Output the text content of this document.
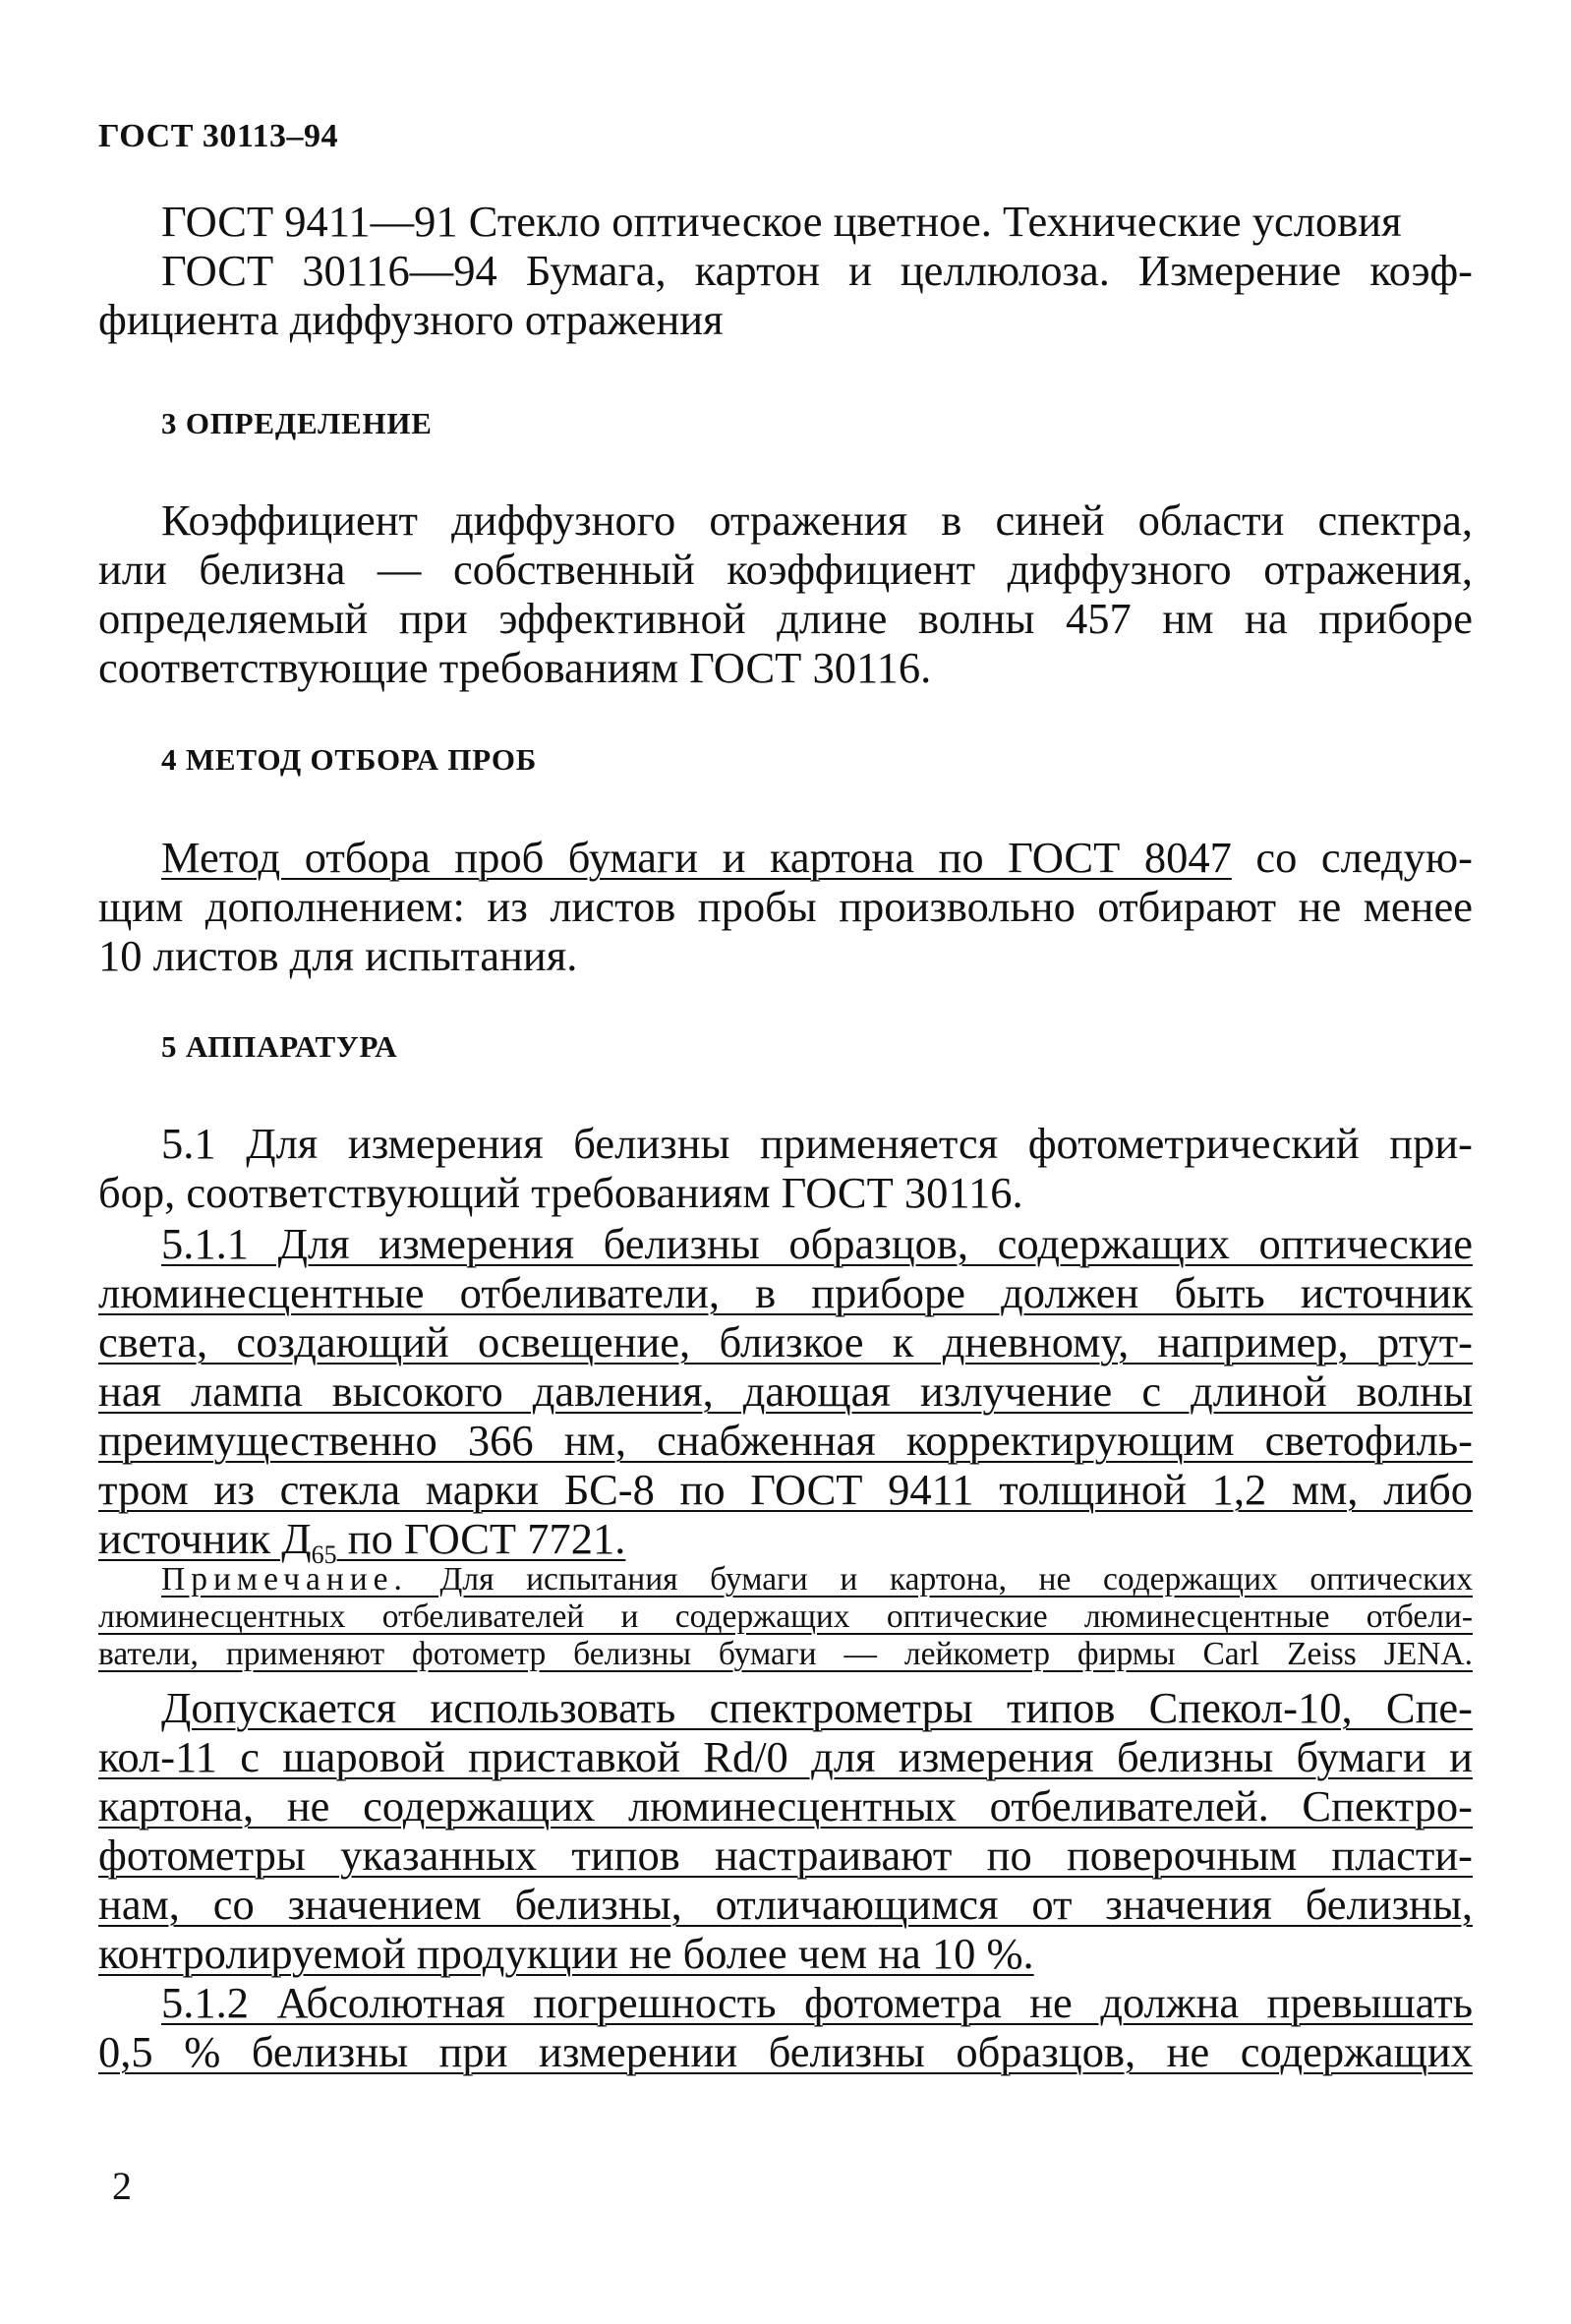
ГОСТ 30113–94
ГОСТ 9411—91 Стекло оптическое цветное. Технические условия
ГОСТ 30116—94 Бумага, картон и целлюлоза. Измерение коэф-
фициента диффузного отражения
3 ОПРЕДЕЛЕНИЕ
Коэффициент диффузного отражения в синей области спектра,
или белизна — собственный коэффициент диффузного отражения,
определяемый при эффективной длине волны 457 нм на приборе
соответствующие требованиям ГОСТ 30116.
4 МЕТОД ОТБОРА ПРОБ
Метод отбора проб бумаги и картона по ГОСТ 8047 со следую-
щим дополнением: из листов пробы произвольно отбирают не менее
10 листов для испытания.
5 АППАРАТУРА
5.1 Для измерения белизны применяется фотометрический при-
бор, соответствующий требованиям ГОСТ 30116.
5.1.1 Для измерения белизны образцов, содержащих оптические
люминесцентные отбеливатели, в приборе должен быть источник
света, создающий освещение, близкое к дневному, например, ртут-
ная лампа высокого давления, дающая излучение с длиной волны
преимущественно 366 нм, снабженная корректирующим светофиль-
тром из стекла марки БС-8 по ГОСТ 9411 толщиной 1,2 мм, либо
источник $Д_{65}$ по ГОСТ 7721.
Примечание. Для испытания бумаги и картона, не содержащих оптических
люминесцентных отбеливателей и содержащих оптические люминесцентные отбели-
ватели, применяют фотометр белизны бумаги — лейкометр фирмы Carl Zeiss JENA.
Допускается использовать спектрометры типов Спекол-10, Спе-
кол-11 с шаровой приставкой Rd/0 для измерения белизны бумаги и
картона, не содержащих люминесцентных отбеливателей. Спектро-
фотометры указанных типов настраивают по поверочным пласти-
нам, со значением белизны, отличающимся от значения белизны,
контролируемой продукции не более чем на 10 %.
5.1.2 Абсолютная погрешность фотометра не должна превышать
0,5 % белизны при измерении белизны образцов, не содержащих
2
